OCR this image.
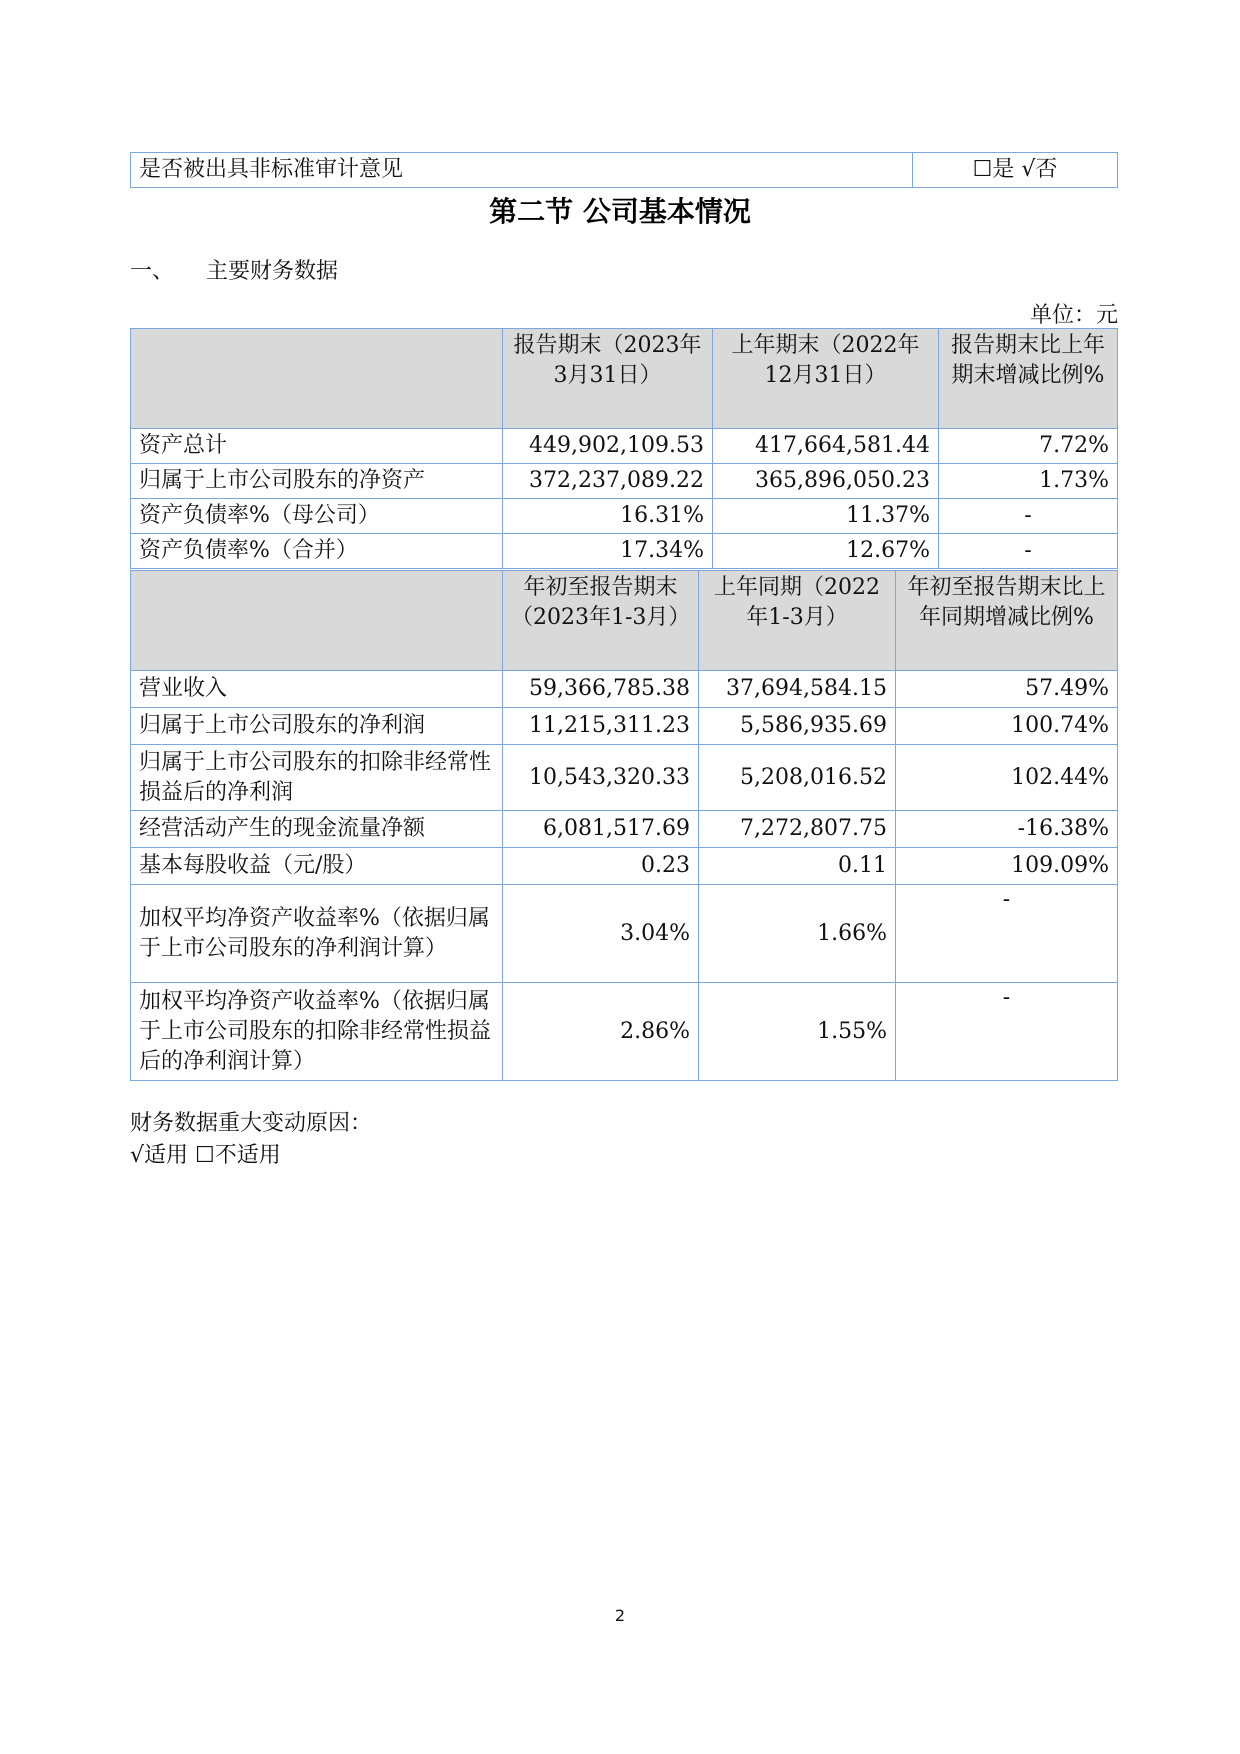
是否被出具非标准审计意见	☐是 √否
第二节 公司基本情况
一、 主要财务数据
单位：元
	报告期末（2023年3月31日）	上年期末（2022年12月31日）	报告期末比上年期末增减比例%
资产总计	449,902,109.53	417,664,581.44	7.72%
归属于上市公司股东的净资产	372,237,089.22	365,896,050.23	1.73%
资产负债率%（母公司）	16.31%	11.37%	-
资产负债率%（合并）	17.34%	12.67%	-
	年初至报告期末（2023年1-3月）	上年同期（2022年1-3月）	年初至报告期末比上年同期增减比例%
营业收入	59,366,785.38	37,694,584.15	57.49%
归属于上市公司股东的净利润	11,215,311.23	5,586,935.69	100.74%
归属于上市公司股东的扣除非经常性损益后的净利润	10,543,320.33	5,208,016.52	102.44%
经营活动产生的现金流量净额	6,081,517.69	7,272,807.75	-16.38%
基本每股收益（元/股）	0.23	0.11	109.09%
加权平均净资产收益率%（依据归属于上市公司股东的净利润计算）	3.04%	1.66%	-
加权平均净资产收益率%（依据归属于上市公司股东的扣除非经常性损益后的净利润计算）	2.86%	1.55%	-
财务数据重大变动原因：
√适用 ☐不适用
2
